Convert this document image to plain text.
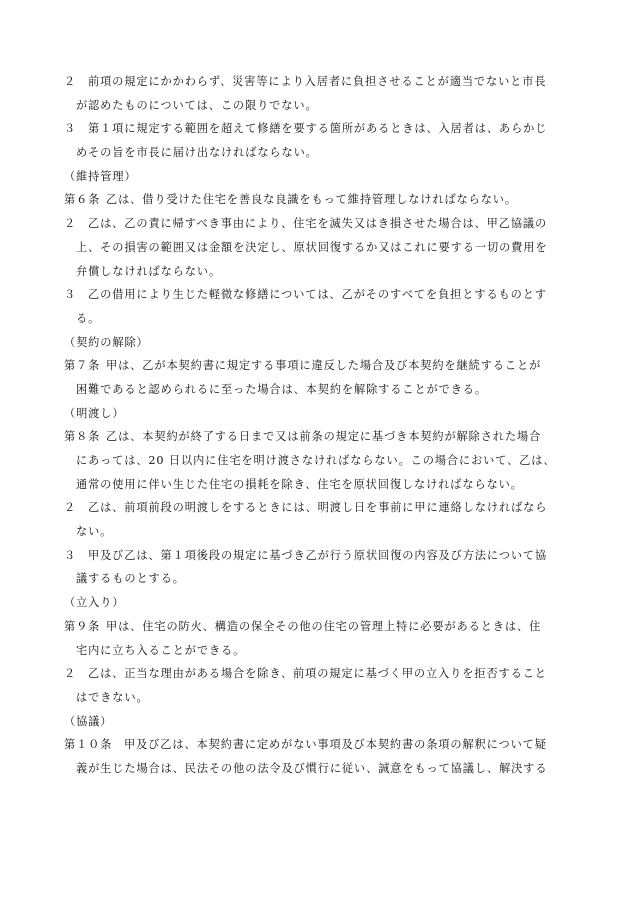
２ 前項の規定にかかわらず、災害等により入居者に負担させることが適当でないと市長
が認めたものについては、この限りでない。
３ 第１項に規定する範囲を超えて修繕を要する箇所があるときは、入居者は、あらかじ
めその旨を市長に届け出なければならない。
（維持管理）
第６条 乙は、借り受けた住宅を善良な良識をもって維持管理しなければならない。
２ 乙は、乙の責に帰すべき事由により、住宅を滅失又はき損させた場合は、甲乙協議の
上、その損害の範囲又は金額を決定し、原状回復するか又はこれに要する一切の費用を
弁償しなければならない。
３ 乙の借用により生じた軽微な修繕については、乙がそのすべてを負担とするものとす
る。
（契約の解除）
第７条 甲は、乙が本契約書に規定する事項に違反した場合及び本契約を継続することが
困難であると認められるに至った場合は、本契約を解除することができる。
（明渡し）
第８条 乙は、本契約が終了する日まで又は前条の規定に基づき本契約が解除された場合
にあっては、20 日以内に住宅を明け渡さなければならない。この場合において、乙は、
通常の使用に伴い生じた住宅の損耗を除き、住宅を原状回復しなければならない。
２ 乙は、前項前段の明渡しをするときには、明渡し日を事前に甲に連絡しなければなら
ない。
３ 甲及び乙は、第１項後段の規定に基づき乙が行う原状回復の内容及び方法について協
議するものとする。
（立入り）
第９条 甲は、住宅の防火、構造の保全その他の住宅の管理上特に必要があるときは、住
宅内に立ち入ることができる。
２ 乙は、正当な理由がある場合を除き、前項の規定に基づく甲の立入りを拒否すること
はできない。
（協議）
第１０条 甲及び乙は、本契約書に定めがない事項及び本契約書の条項の解釈について疑
義が生じた場合は、民法その他の法令及び慣行に従い、誠意をもって協議し、解決する
